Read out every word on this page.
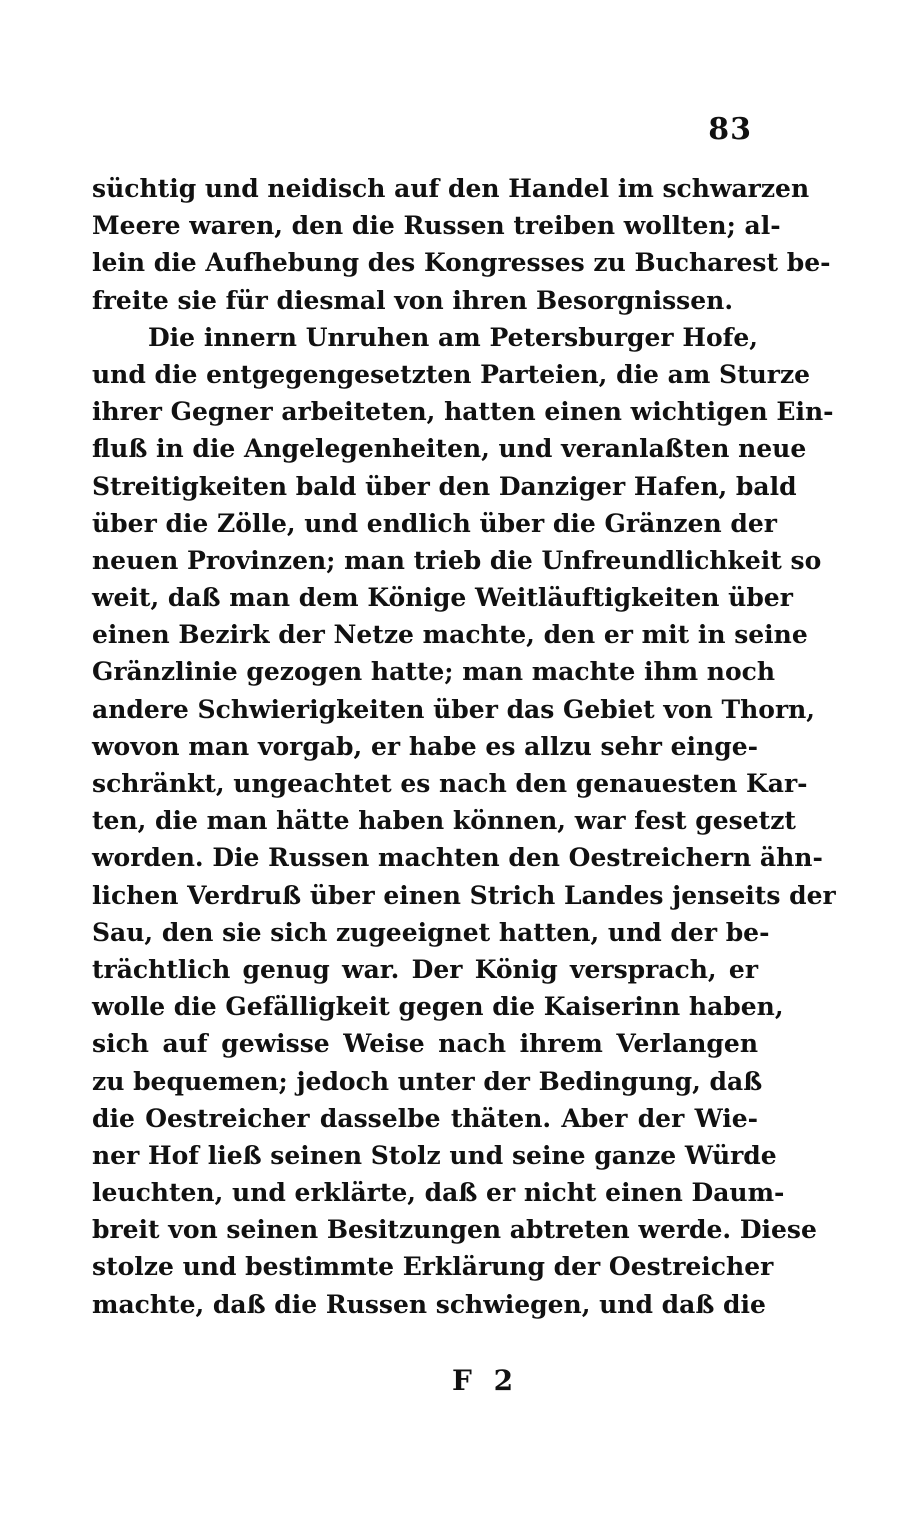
83
süchtig und neidisch auf den Handel im schwarzen
Meere waren, den die Russen treiben wollten; al-
lein die Aufhebung des Kongresses zu Bucharest be-
freite sie für diesmal von ihren Besorgnissen.
Die innern Unruhen am Petersburger Hofe,
und die entgegengesetzten Parteien, die am Sturze
ihrer Gegner arbeiteten, hatten einen wichtigen Ein-
fluß in die Angelegenheiten, und veranlaßten neue
Streitigkeiten bald über den Danziger Hafen, bald
über die Zölle, und endlich über die Gränzen der
neuen Provinzen; man trieb die Unfreundlichkeit so
weit, daß man dem Könige Weitläuftigkeiten über
einen Bezirk der Netze machte, den er mit in seine
Gränzlinie gezogen hatte; man machte ihm noch
andere Schwierigkeiten über das Gebiet von Thorn,
wovon man vorgab, er habe es allzu sehr einge-
schränkt, ungeachtet es nach den genauesten Kar-
ten, die man hätte haben können, war fest gesetzt
worden. Die Russen machten den Oestreichern ähn-
lichen Verdruß über einen Strich Landes jenseits der
Sau, den sie sich zugeeignet hatten, und der be-
trächtlich genug war. Der König versprach, er
wolle die Gefälligkeit gegen die Kaiserinn haben,
sich auf gewisse Weise nach ihrem Verlangen
zu bequemen; jedoch unter der Bedingung, daß
die Oestreicher dasselbe thäten. Aber der Wie-
ner Hof ließ seinen Stolz und seine ganze Würde
leuchten, und erklärte, daß er nicht einen Daum-
breit von seinen Besitzungen abtreten werde. Diese
stolze und bestimmte Erklärung der Oestreicher
machte, daß die Russen schwiegen, und daß die
F 2
